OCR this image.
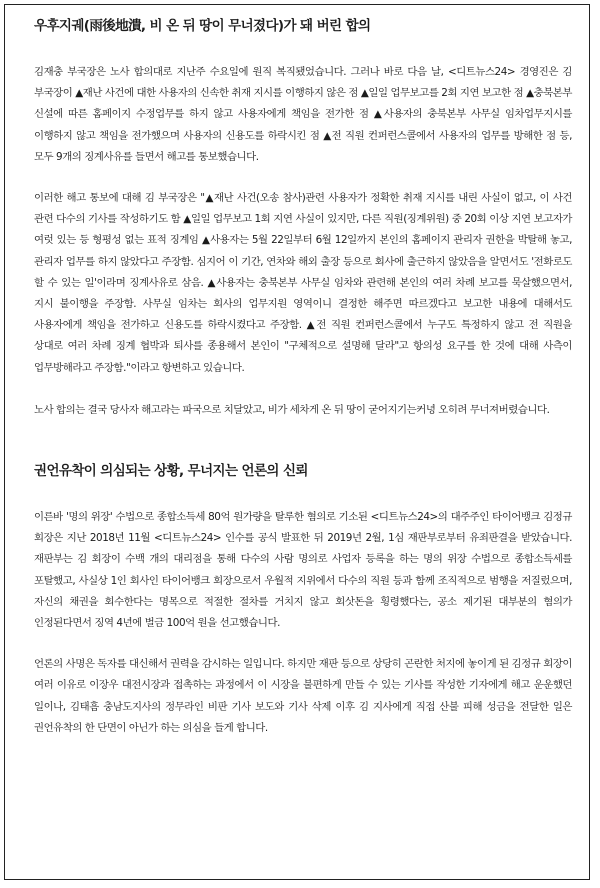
우후지궤(雨後地潰, 비 온 뒤 땅이 무너졌다)가 돼 버린 합의

김재충 부국장은 노사 합의대로 지난주 수요일에 원직 복직됐었습니다. 그러나 바로 다음 날, <디트뉴스24> 경영진은 김 부국장이 ▲재난 사건에 대한 사용자의 신속한 취재 지시를 이행하지 않은 점 ▲일일 업무보고를 2회 지연 보고한 점 ▲충북본부 신설에 따른 홈페이지 수정업무를 하지 않고 사용자에게 책임을 전가한 점 ▲사용자의 충북본부 사무실 임차업무지시를 이행하지 않고 책임을 전가했으며 사용자의 신용도를 하락시킨 점 ▲전 직원 컨퍼런스콜에서 사용자의 업무를 방해한 점 등, 모두 9개의 징계사유를 들면서 해고를 통보했습니다.

이러한 해고 통보에 대해 김 부국장은 "▲재난 사건(오송 참사)관련 사용자가 정확한 취재 지시를 내린 사실이 없고, 이 사건 관련 다수의 기사를 작성하기도 함 ▲일일 업무보고 1회 지연 사실이 있지만, 다른 직원(징계위원) 중 20회 이상 지연 보고자가 여럿 있는 등 형평성 없는 표적 징계임 ▲사용자는 5월 22일부터 6월 12일까지 본인의 홈페이지 관리자 권한을 박탈해 놓고, 관리자 업무를 하지 않았다고 주장함. 심지어 이 기간, 연차와 해외 출장 등으로 회사에 출근하지 않았음을 알면서도 '전화로도 할 수 있는 일'이라며 징계사유로 삼음. ▲사용자는 충북본부 사무실 임차와 관련해 본인의 여러 차례 보고를 묵살했으면서, 지시 불이행을 주장함. 사무실 임차는 회사의 업무지원 영역이니 결정한 해주면 따르겠다고 보고한 내용에 대해서도 사용자에게 책임을 전가하고 신용도를 하락시켰다고 주장함. ▲전 직원 컨퍼런스콜에서 누구도 특정하지 않고 전 직원을 상대로 여러 차례 징계 협박과 퇴사를 종용해서 본인이 "구체적으로 설명해 달라"고 항의성 요구를 한 것에 대해 사측이 업무방해라고 주장함."이라고 항변하고 있습니다.

노사 합의는 결국 당사자 해고라는 파국으로 치달았고, 비가 세차게 온 뒤 땅이 굳어지기는커녕 오히려 무너져버렸습니다.

권언유착이 의심되는 상황, 무너지는 언론의 신뢰

이른바 '명의 위장' 수법으로 종합소득세 80억 원가량을 탈루한 혐의로 기소된 <디트뉴스24>의 대주주인 타이어뱅크 김정규 회장은 지난 2018년 11월 <디트뉴스24> 인수를 공식 발표한 뒤 2019년 2월, 1심 재판부로부터 유죄판결을 받았습니다. 재판부는 김 회장이 수백 개의 대리점을 통해 다수의 사람 명의로 사업자 등록을 하는 명의 위장 수법으로 종합소득세를 포탈했고, 사실상 1인 회사인 타이어뱅크 회장으로서 우월적 지위에서 다수의 직원 등과 함께 조직적으로 범행을 저질렀으며, 자신의 채권을 회수한다는 명목으로 적절한 절차를 거치지 않고 회삿돈을 횡령했다는, 공소 제기된 대부분의 혐의가 인정된다면서 징역 4년에 벌금 100억 원을 선고했습니다.

언론의 사명은 독자를 대신해서 권력을 감시하는 일입니다. 하지만 재판 등으로 상당히 곤란한 처지에 놓이게 된 김정규 회장이 여러 이유로 이장우 대전시장과 접촉하는 과정에서 이 시장을 불편하게 만들 수 있는 기사를 작성한 기자에게 해고 운운했던 일이나, 김태흠 충남도지사의 정무라인 비판 기사 보도와 기사 삭제 이후 김 지사에게 직접 산불 피해 성금을 전달한 일은 권언유착의 한 단면이 아닌가 하는 의심을 들게 합니다.
